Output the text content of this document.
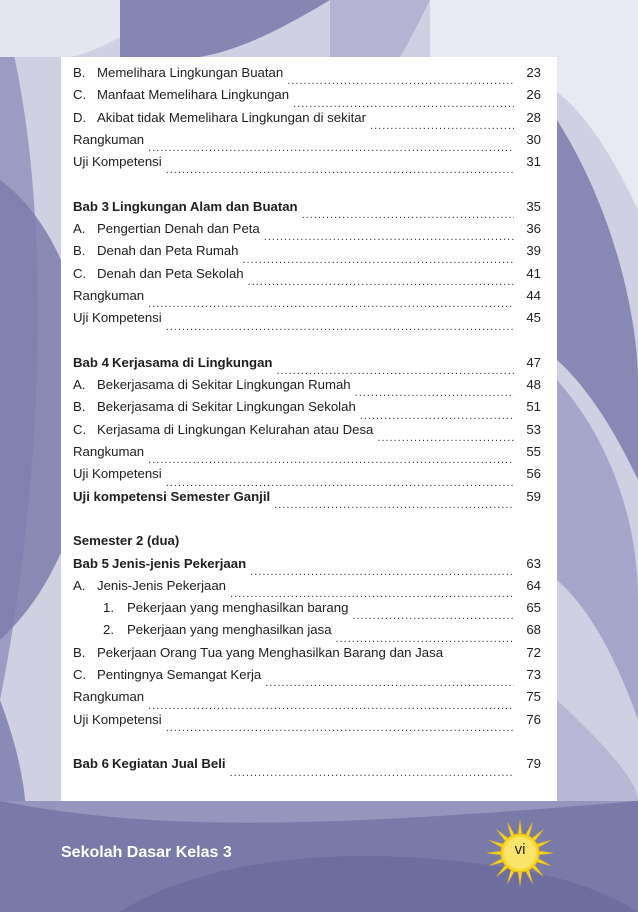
B. Memelihara Lingkungan Buatan .....	23
C. Manfaat Memelihara Lingkungan .....	26
D. Akibat tidak Memelihara Lingkungan di sekitar .....	28
Rangkuman .....	30
Uji Kompetensi .....	31
Bab 3 Lingkungan Alam dan Buatan .....	35
A. Pengertian Denah dan Peta .....	36
B. Denah dan Peta Rumah .....	39
C. Denah dan Peta Sekolah .....	41
Rangkuman .....	44
Uji Kompetensi .....	45
Bab 4 Kerjasama di Lingkungan .....	47
A. Bekerjasama di Sekitar Lingkungan Rumah .....	48
B. Bekerjasama di Sekitar Lingkungan Sekolah .....	51
C. Kerjasama di Lingkungan Kelurahan atau Desa .....	53
Rangkuman .....	55
Uji Kompetensi .....	56
Uji kompetensi Semester Ganjil .....	59
Semester 2 (dua)
Bab 5 Jenis-jenis Pekerjaan .....	63
A. Jenis-Jenis Pekerjaan .....	64
1. Pekerjaan yang menghasilkan barang .....	65
2. Pekerjaan yang menghasilkan jasa .....	68
B. Pekerjaan Orang Tua yang Menghasilkan Barang dan Jasa	72
C. Pentingnya Semangat Kerja .....	73
Rangkuman .....	75
Uji Kompetensi .....	76
Bab 6 Kegiatan Jual Beli .....	79
Sekolah Dasar Kelas 3	vi
